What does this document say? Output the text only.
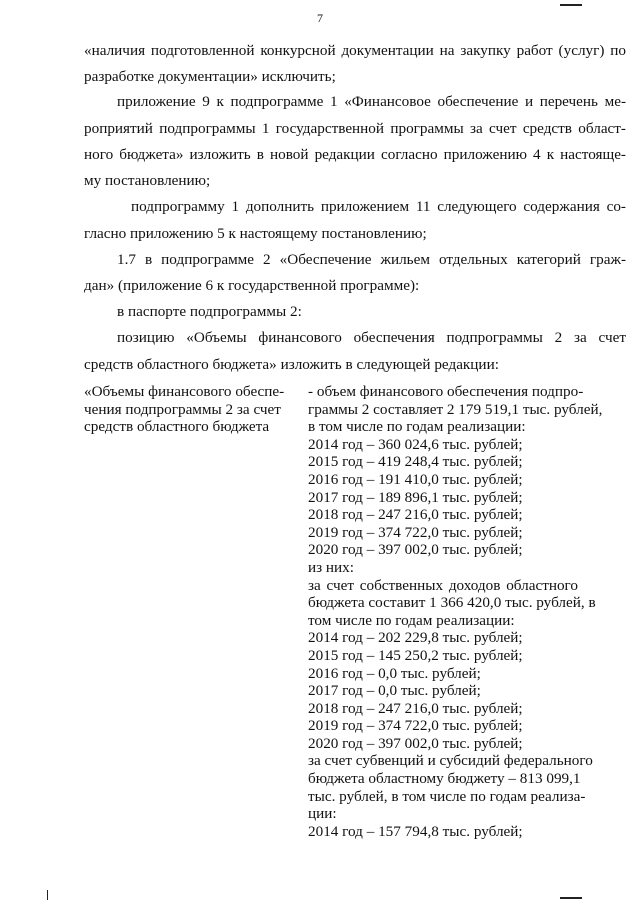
7
«наличия подготовленной конкурсной документации на закупку работ (услуг) по
разработке документации» исключить;
приложение 9 к подпрограмме 1 «Финансовое обеспечение и перечень ме-
роприятий подпрограммы 1 государственной программы за счет средств област-
ного бюджета» изложить в новой редакции согласно приложению 4 к настояще-
му постановлению;
подпрограмму 1 дополнить приложением 11 следующего содержания со-
гласно приложению 5 к настоящему постановлению;
1.7 в подпрограмме 2 «Обеспечение жильем отдельных категорий граж-
дан» (приложение 6 к государственной программе):
в паспорте подпрограммы 2:
позицию «Объемы финансового обеспечения подпрограммы 2 за счет
средств областного бюджета» изложить в следующей редакции:
«Объемы финансового обеспе-
чения подпрограммы 2 за счет
средств областного бюджета
- объем финансового обеспечения подпро-
граммы 2 составляет 2 179 519,1 тыс. рублей,
в том числе по годам реализации:
2014 год – 360 024,6 тыс. рублей;
2015 год – 419 248,4 тыс. рублей;
2016 год – 191 410,0 тыс. рублей;
2017 год – 189 896,1 тыс. рублей;
2018 год – 247 216,0 тыс. рублей;
2019 год – 374 722,0 тыс. рублей;
2020 год – 397 002,0 тыс. рублей;
из них:
за счет собственных доходов областного
бюджета составит 1 366 420,0 тыс. рублей, в
том числе по годам реализации:
2014 год – 202 229,8 тыс. рублей;
2015 год – 145 250,2 тыс. рублей;
2016 год – 0,0 тыс. рублей;
2017 год – 0,0 тыс. рублей;
2018 год – 247 216,0 тыс. рублей;
2019 год – 374 722,0 тыс. рублей;
2020 год – 397 002,0 тыс. рублей;
за счет субвенций и субсидий федерального
бюджета областному бюджету – 813 099,1
тыс. рублей, в том числе по годам реализа-
ции:
2014 год – 157 794,8 тыс. рублей;
